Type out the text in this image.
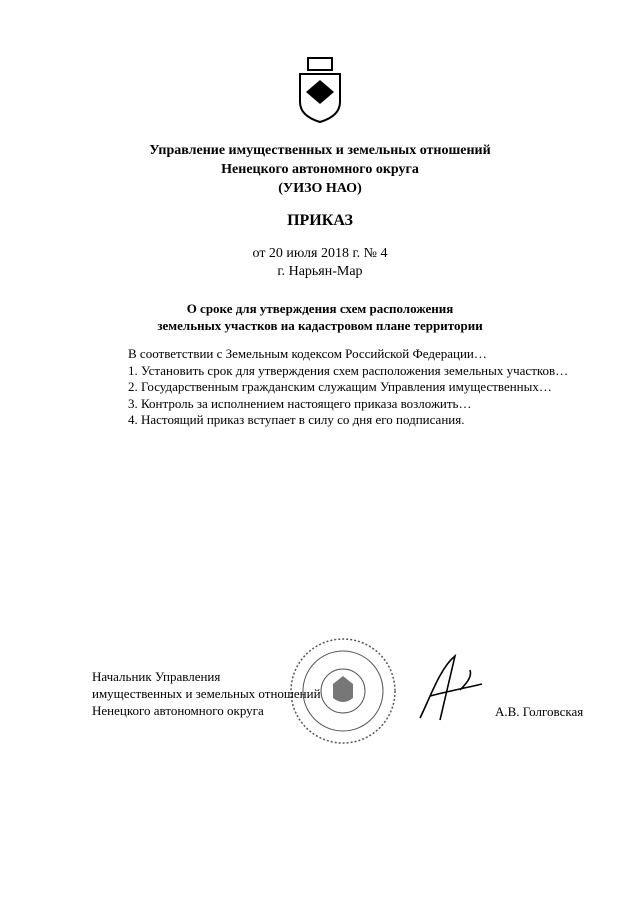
Управление имущественных и земельных отношений
Ненецкого автономного округа
(УИЗО НАО)
ПРИКАЗ
от 20 июля 2018 г. № 4
г. Нарьян-Мар
О сроке для утверждения схем расположения
земельных участков на кадастровом плане территории

В соответствии с Земельным кодексом Российской Федерации…

1. Установить срок для утверждения схем расположения земельных участков…

2. Государственным гражданским служащим Управления имущественных…

3. Контроль за исполнением настоящего приказа возложить…

4. Настоящий приказ вступает в силу со дня его подписания.

Начальник Управления
имущественных и земельных отношений
Ненецкого автономного округа	А.В. Голговская
